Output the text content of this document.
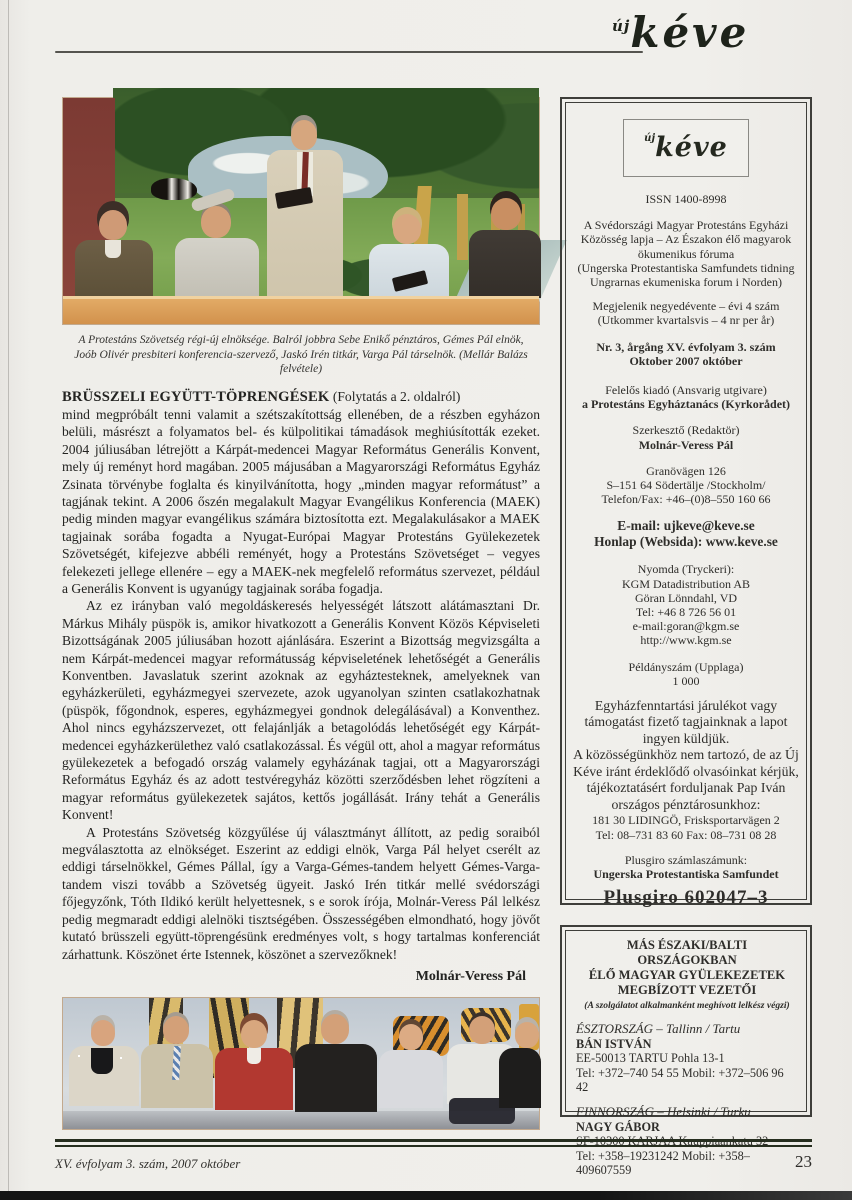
újkéve
A Protestáns Szövetség régi-új elnöksége. Balról jobbra Sebe Enikő pénztáros, Gémes Pál elnök, Joób Olivér presbiteri konferencia-szervező, Jaskó Irén titkár, Varga Pál társelnök. (Mellár Balázs felvétele)

BRÜSSZELI EGYÜTT-TÖPRENGÉSEK (Folytatás a 2. oldalról)

mind megpróbált tenni valamit a szétszakítottság ellenében, de a részben egyházon belüli, másrészt a folyamatos bel- és külpolitikai támadások meghiúsították ezeket. 2004 júliusában létrejött a Kárpát-medencei Magyar Református Generális Konvent, mely új reményt hord magában. 2005 májusában a Magyarországi Református Egyház Zsinata törvénybe foglalta és kinyilvánította, hogy „minden magyar reformátust” a tagjának tekint. A 2006 őszén megalakult Magyar Evangélikus Konferencia (MAEK) pedig minden magyar evangélikus számára biztosította ezt. Megalakulásakor a MAEK tagjainak sorába fogadta a Nyugat-Európai Magyar Protestáns Gyülekezetek Szövetségét, kifejezve abbéli reményét, hogy a Protestáns Szövetséget – vegyes felekezeti jellege ellenére – egy a MAEK-nek megfelelő református szervezet, például a Generális Konvent is ugyanúgy tagjainak sorába fogadja.

Az ez irányban való megoldáskeresés helyességét látszott alátámasztani Dr. Márkus Mihály püspök is, amikor hivatkozott a Generális Konvent Közös Képviseleti Bizottságának 2005 júliusában hozott ajánlására. Eszerint a Bizottság megvizsgálta a nem Kárpát-medencei magyar reformátusság képviseletének lehetőségét a Generális Konventben. Javaslatuk szerint azoknak az egyháztesteknek, amelyeknek van egyházkerületi, egyházmegyei szervezete, azok ugyanolyan szinten csatlakozhatnak (püspök, főgondnok, esperes, egyházmegyei gondnok delegálásával) a Konventhez. Ahol nincs egyházszervezet, ott felajánlják a betagolódás lehetőségét egy Kárpát-medencei egyházkerülethez való csatlakozással. És végül ott, ahol a magyar református gyülekezetek a befogadó ország valamely egyházának tagjai, ott a Magyarországi Református Egyház és az adott testvéregyház közötti szerződésben lehet rögzíteni a magyar református gyülekezetek sajátos, kettős jogállását. Irány tehát a Generális Konvent!

A Protestáns Szövetség közgyűlése új választmányt állított, az pedig soraiból megválasztotta az elnökséget. Eszerint az eddigi elnök, Varga Pál helyet cserélt az eddigi társelnökkel, Gémes Pállal, így a Varga-Gémes-tandem helyett Gémes-Varga-tandem viszi tovább a Szövetség ügyeit. Jaskó Irén titkár mellé svédországi főjegyzőnk, Tóth Ildikó került helyettesnek, s e sorok írója, Molnár-Veress Pál lelkész pedig megmaradt eddigi alelnöki tisztségében. Összességében elmondható, hogy jövőt kutató brüsszeli együtt-töprengésünk eredményes volt, s hogy tartalmas konferenciát zárhattunk. Köszönet érte Istennek, köszönet a szervezőknek!

Molnár-Veress Pál

új kéve
ISSN 1400-8998
A Svédországi Magyar Protestáns Egyházi Közösség lapja – Az Északon élő magyarok ökumenikus fóruma
(Ungerska Protestantiska Samfundets tidning Ungrarnas ekumeniska forum i Norden)
Megjelenik negyedévente – évi 4 szám
(Utkommer kvartalsvis – 4 nr per år)
Nr. 3, årgång XV. évfolyam 3. szám
Oktober 2007 október
Felelős kiadó (Ansvarig utgivare)
a Protestáns Egyháztanács (Kyrkorådet)
Szerkesztő (Redaktör)
Molnár-Veress Pál
Granövägen 126
S–151 64 Södertälje /Stockholm/
Telefon/Fax: +46–(0)8–550 160 66
E-mail: ujkeve@keve.se
Honlap (Websida): www.keve.se
Nyomda (Tryckeri):
KGM Datadistribution AB
Göran Lönndahl, VD
Tel: +46 8 726 56 01
e-mail:goran@kgm.se
http://www.kgm.se
Példányszám (Upplaga)
1 000
Egyházfenntartási járulékot vagy támogatást fizető tagjainknak a lapot ingyen küldjük.
A közösségünkhöz nem tartozó, de az Új Kéve iránt érdeklődő olvasóinkat kérjük, tájékoztatásért forduljanak Pap Iván országos pénztárosunkhoz:
181 30 LIDINGÖ, Frisksportarvägen 2
Tel: 08–731 83 60 Fax: 08–731 08 28
Plusgiro számlaszámunk:
Ungerska Protestantiska Samfundet
Plusgiro 602047–3
MÁS ÉSZAKI/BALTI ORSZÁGOKBAN
ÉLŐ MAGYAR GYÜLEKEZETEK
MEGBÍZOTT VEZETŐI
(A szolgálatot alkalmanként meghívott lelkész végzi)
ÉSZTORSZÁG – Tallinn / Tartu
BÁN ISTVÁN
EE-50013 TARTU Pohla 13-1
Tel: +372–740 54 55 Mobil: +372–506 96 42
FINNORSZÁG – Helsinki / Turku
NAGY GÁBOR
SF-10300 KARJAA Kauppiaankatu 32
Tel: +358–19231242 Mobil: +358–409607559
XV. évfolyam 3. szám, 2007 október	23
